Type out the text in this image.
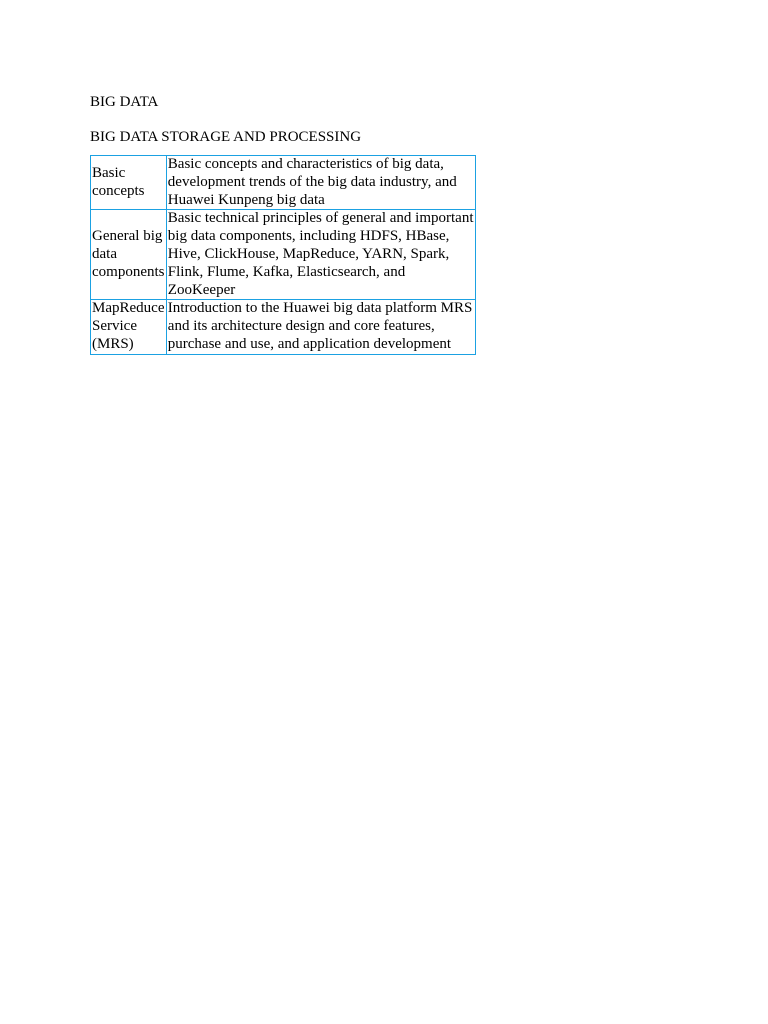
BIG DATA

BIG DATA STORAGE AND PROCESSING

Basic concepts	Basic concepts and characteristics of big data, development trends of the big data industry, and Huawei Kunpeng big data
General big data components	Basic technical principles of general and important big data components, including HDFS, HBase, Hive, ClickHouse, MapReduce, YARN, Spark, Flink, Flume, Kafka, Elasticsearch, and ZooKeeper
MapReduce Service (MRS)	Introduction to the Huawei big data platform MRS and its architecture design and core features, purchase and use, and application development
